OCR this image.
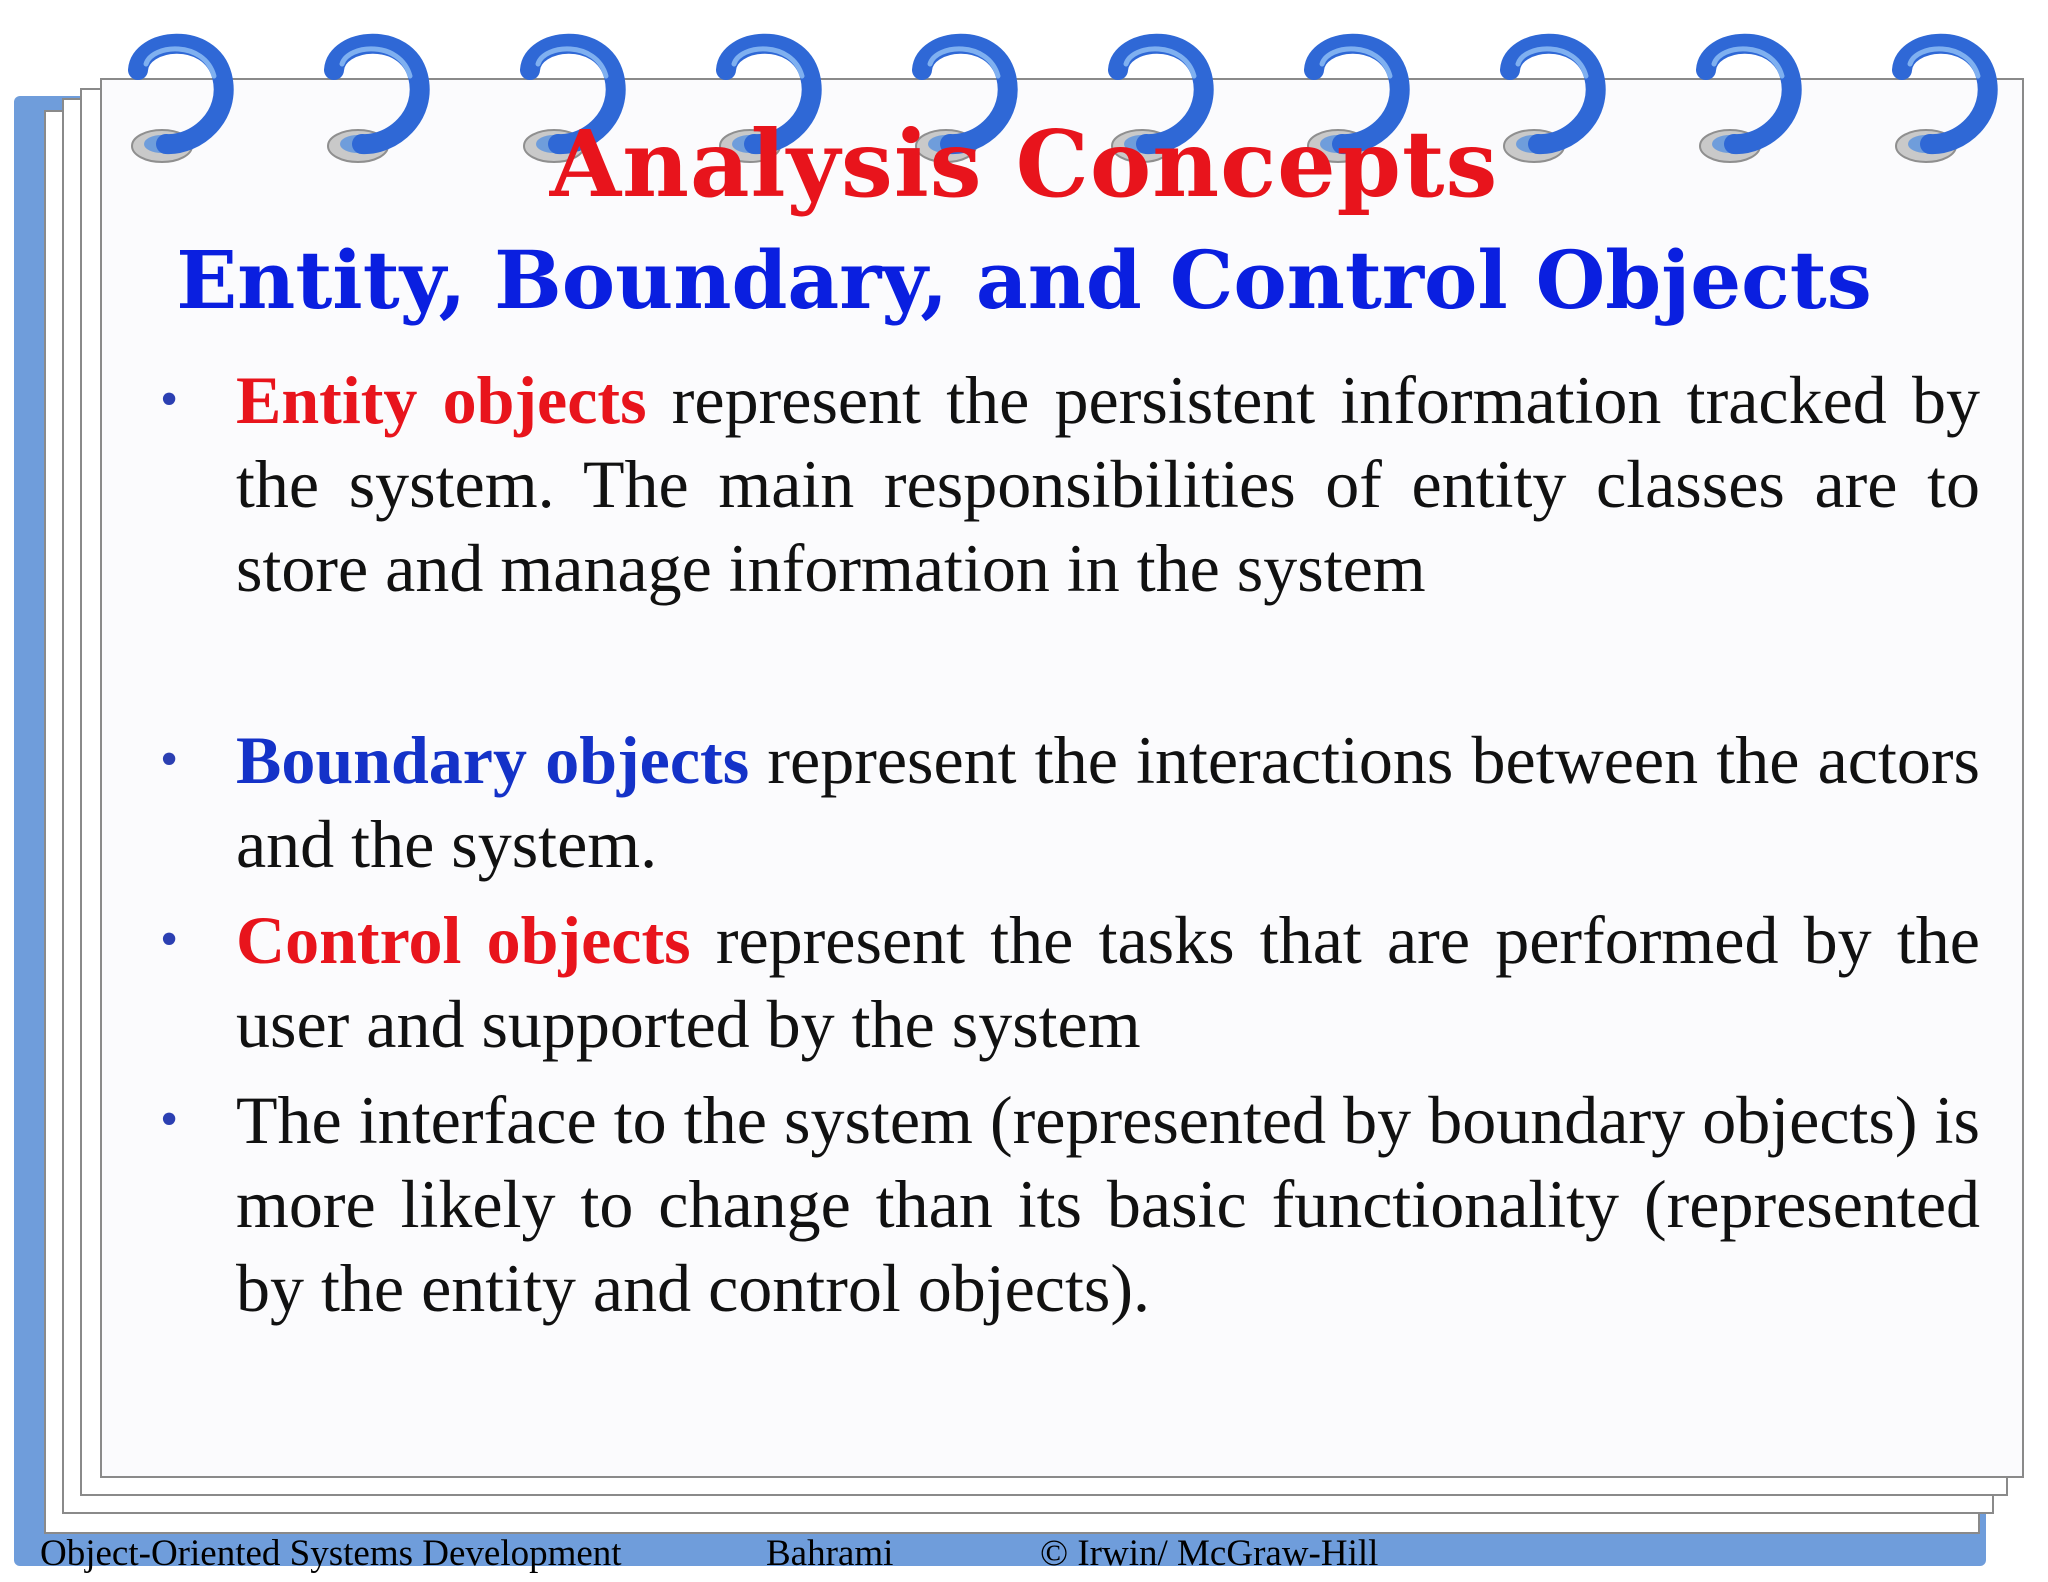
Analysis Concepts
Entity, Boundary, and Control Objects
• Entity objects represent the persistent information tracked by the system. The main responsibilities of entity classes are to store and manage information in the system
• Boundary objects represent the interactions between the actors and the system.
• Control objects represent the tasks that are performed by the user and supported by the system
• The interface to the system (represented by boundary objects) is more likely to change than its basic functionality (represented by the entity and control objects).
Object-Oriented Systems Development	Bahrami	© Irwin/ McGraw-Hill
